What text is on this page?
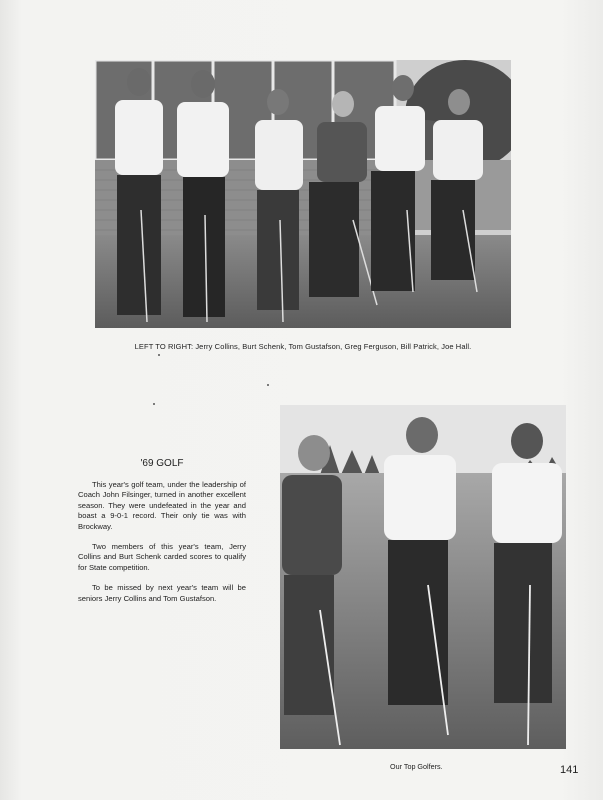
LEFT TO RIGHT: Jerry Collins, Burt Schenk, Tom Gustafson, Greg Ferguson, Bill Patrick, Joe Hall.
'69 GOLF

This year's golf team, under the leadership of Coach John Filsinger, turned in another excellent season. They were undefeated in the year and boast a 9-0-1 record. Their only tie was with Brockway.

Two members of this year's team, Jerry Collins and Burt Schenk carded scores to qualify for State competition.

To be missed by next year's team will be seniors Jerry Collins and Tom Gustafson.

Our Top Golfers.	141
